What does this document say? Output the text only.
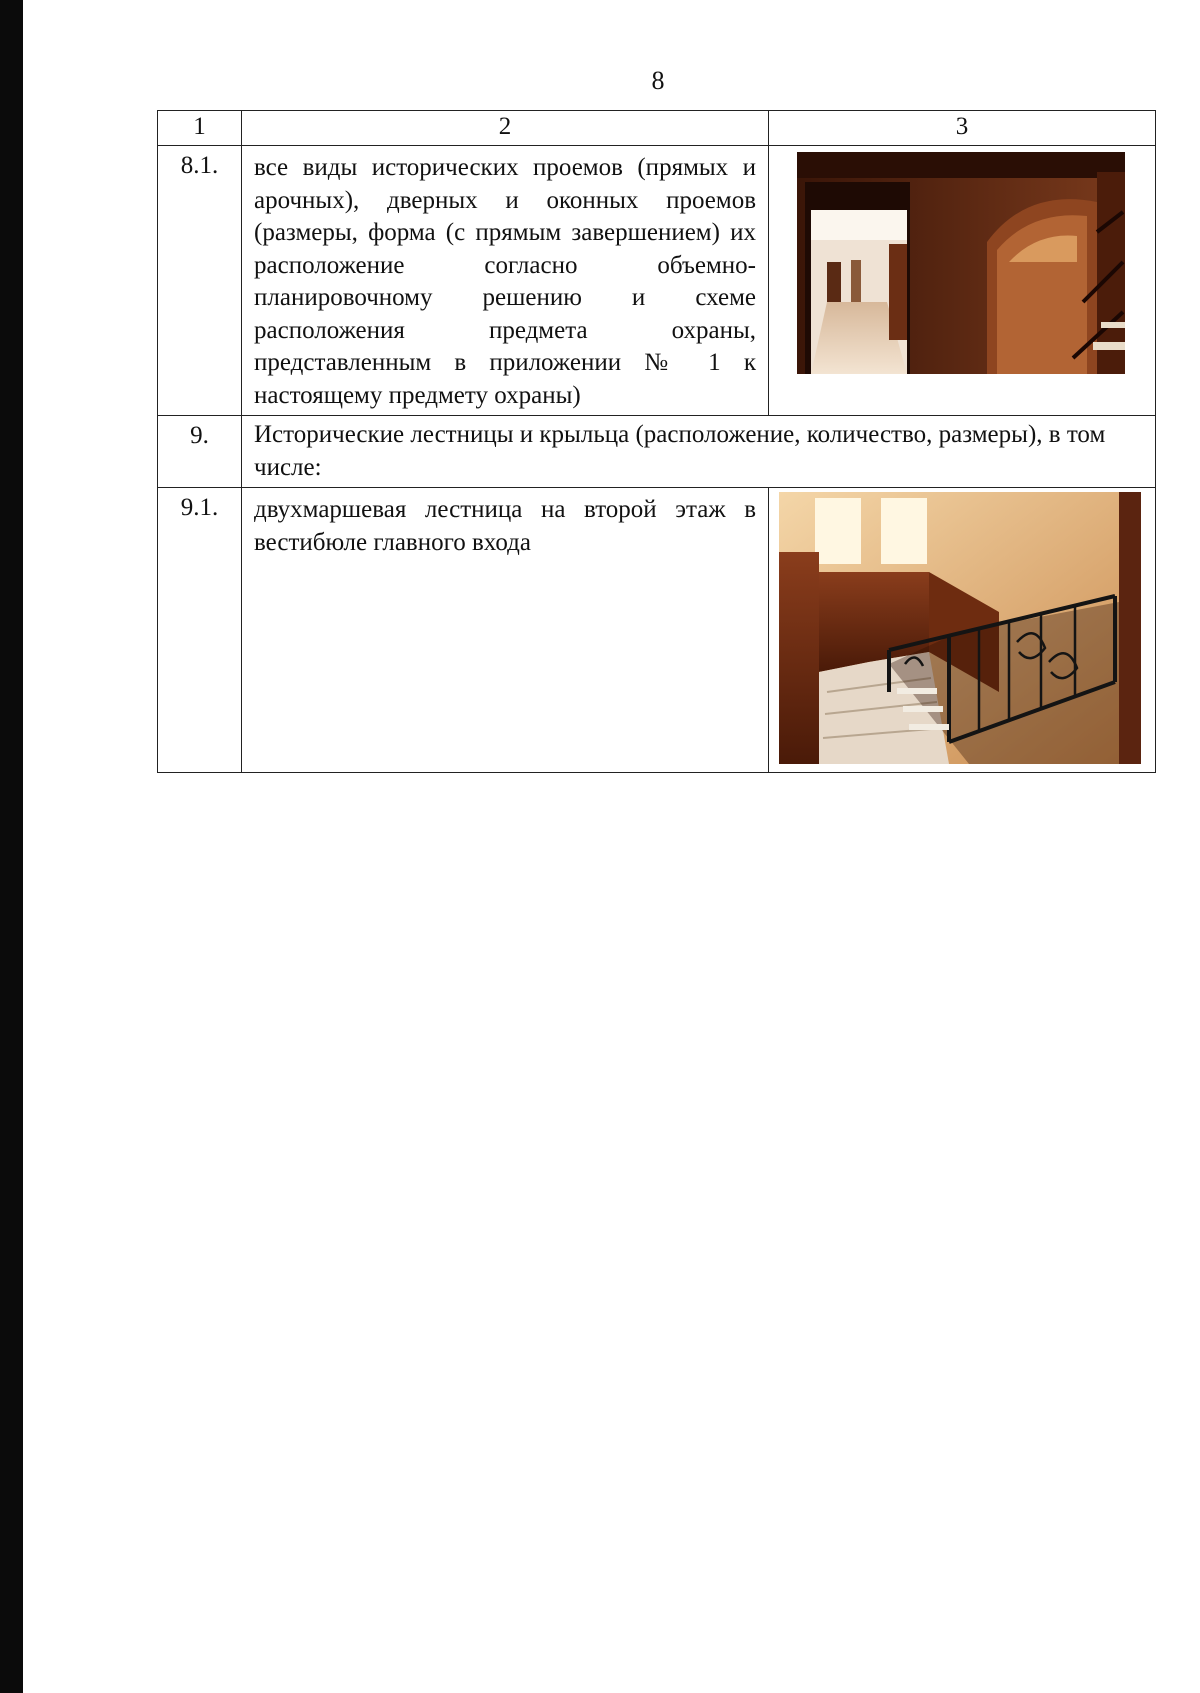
8
1	2	3
8.1.	все виды исторических проемов (прямых и арочных), дверных и оконных проемов (размеры, форма (с прямым завершением) их расположение согласно объемно-планировочному решению и схеме расположения предмета охраны, представленным в приложении № 1 к настоящему предмету охраны)

9.	Исторические лестницы и крыльца (расположение, количество, размеры), в том числе:	
9.1.	двухмаршевая лестница на второй этаж в вестибюле главного входа
